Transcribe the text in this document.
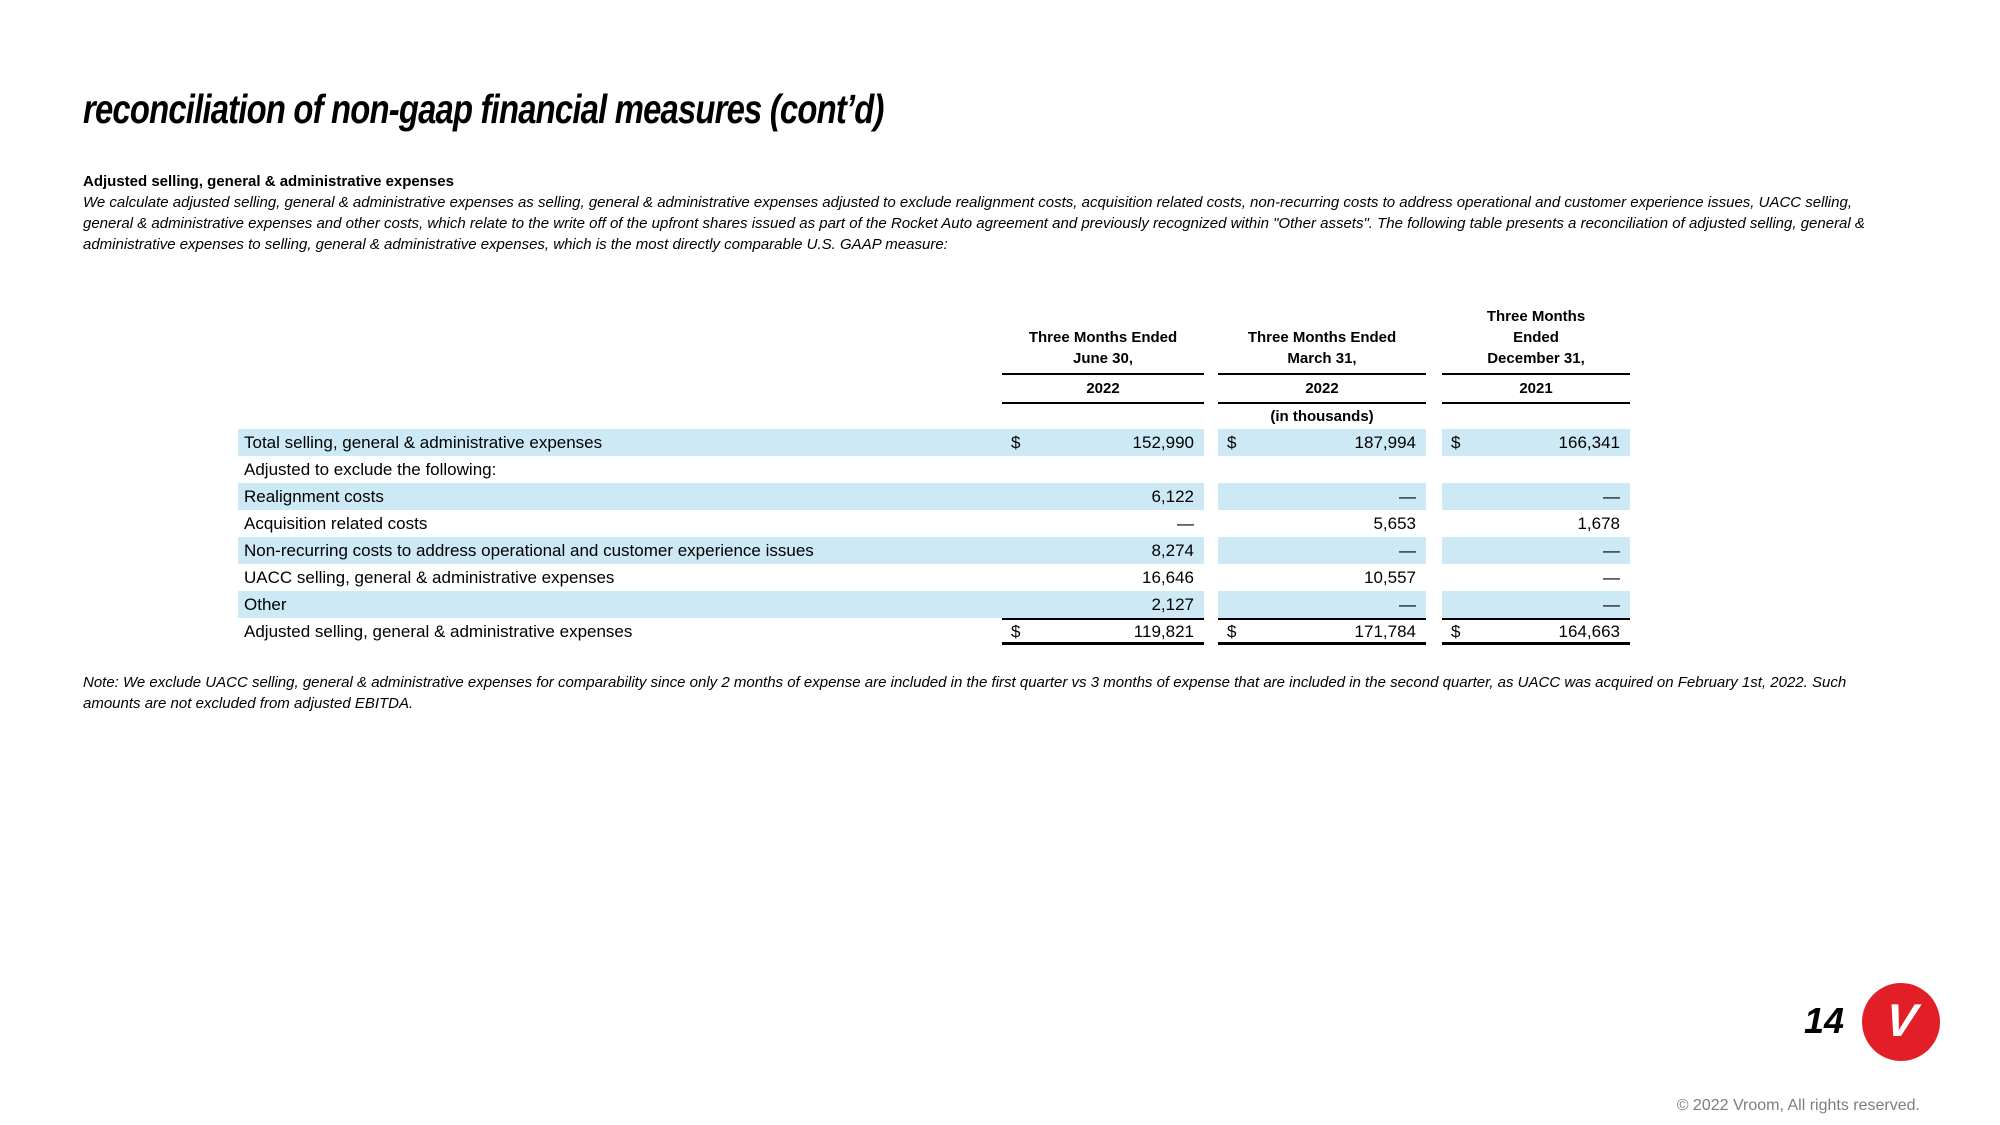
reconciliation of non-gaap financial measures (cont’d)
Adjusted selling, general & administrative expenses
We calculate adjusted selling, general & administrative expenses as selling, general & administrative expenses adjusted to exclude realignment costs, acquisition related costs, non-recurring costs to address operational and customer experience issues, UACC selling, general & administrative expenses and other costs, which relate to the write off of the upfront shares issued as part of the Rocket Auto agreement and previously recognized within "Other assets". The following table presents a reconciliation of adjusted selling, general & administrative expenses to selling, general & administrative expenses, which is the most directly comparable U.S. GAAP measure:
Three Months Ended
June 30,
Three Months Ended
March 31,
Three Months
Ended
December 31,
2022	2022	2021
(in thousands)
Total selling, general & administrative expenses	$	152,990 $	187,994 $	166,341
Adjusted to exclude the following:
Realignment costs	6,122	—	—
Acquisition related costs	—	5,653	1,678
Non-recurring costs to address operational and customer experience issues	8,274	—	—
UACC selling, general & administrative expenses	16,646	10,557	—
Other	2,127	—	—
Adjusted selling, general & administrative expenses	$	119,821 $	171,784 $	164,663
Note: We exclude UACC selling, general & administrative expenses for comparability since only 2 months of expense are included in the first quarter vs 3 months of expense that are included in the second quarter, as UACC was acquired on February 1st, 2022. Such amounts are not excluded from adjusted EBITDA.
14 V
© 2022 Vroom, All rights reserved.
